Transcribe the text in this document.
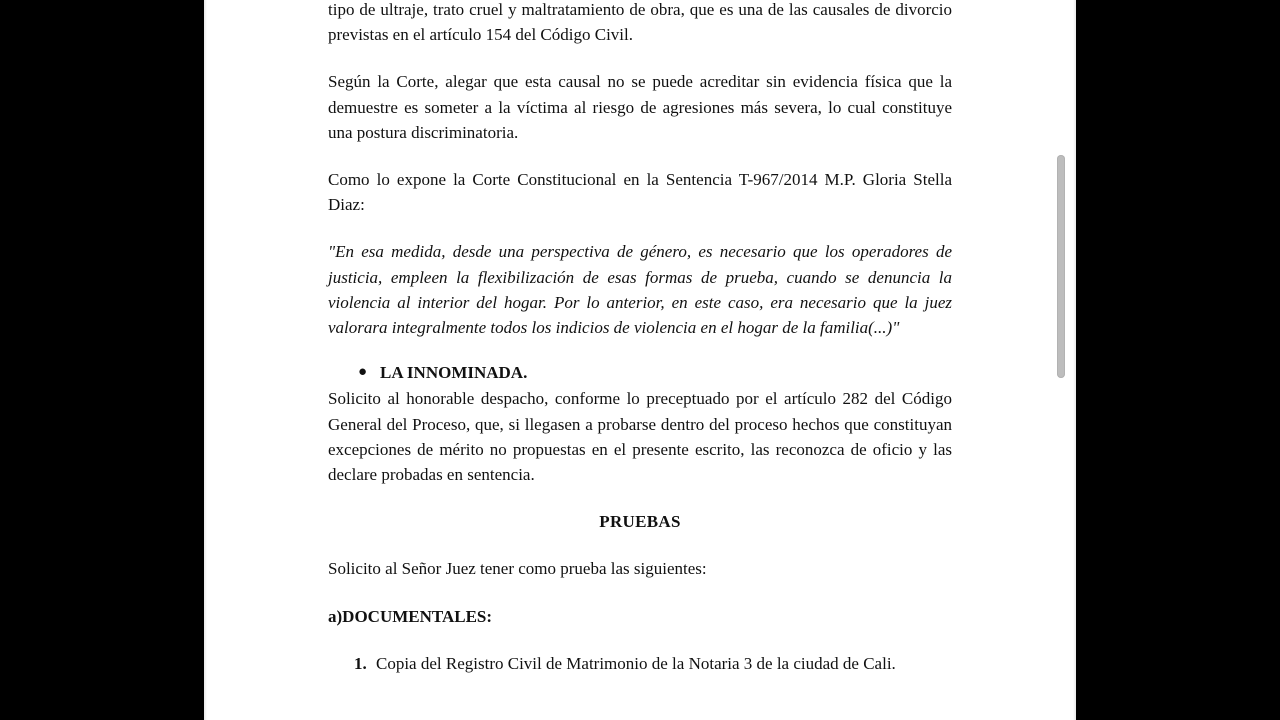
tipo de ultraje, trato cruel y maltratamiento de obra, que es una de las causales de divorcio previstas en el artículo 154 del Código Civil.

Según la Corte, alegar que esta causal no se puede acreditar sin evidencia física que la demuestre es someter a la víctima al riesgo de agresiones más severa, lo cual constituye una postura discriminatoria.

Como lo expone la Corte Constitucional en la Sentencia T-967/2014 M.P. Gloria Stella Diaz:

"En esa medida, desde una perspectiva de género, es necesario que los operadores de justicia, empleen la flexibilización de esas formas de prueba, cuando se denuncia la violencia al interior del hogar. Por lo anterior, en este caso, era necesario que la juez valorara integralmente todos los indicios de violencia en el hogar de la familia(...)"

● LA INNOMINADA.

Solicito al honorable despacho, conforme lo preceptuado por el artículo 282 del Código General del Proceso, que, si llegasen a probarse dentro del proceso hechos que constituyan excepciones de mérito no propuestas en el presente escrito, las reconozca de oficio y las declare probadas en sentencia.

PRUEBAS

Solicito al Señor Juez tener como prueba las siguientes:

a)DOCUMENTALES:

1. Copia del Registro Civil de Matrimonio de la Notaria 3 de la ciudad de Cali.
